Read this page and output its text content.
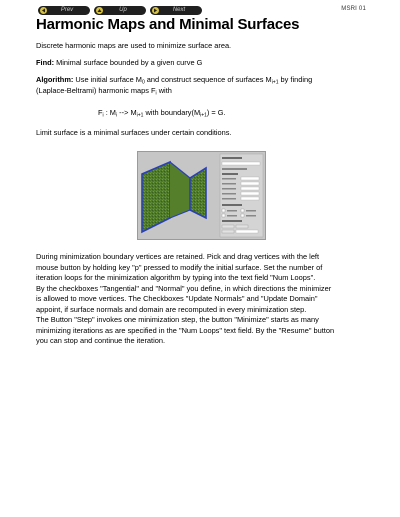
Prev	Up	Next	MSRI 01
Harmonic Maps and Minimal Surfaces

Discrete harmonic maps are used to minimize surface area.

Find: Minimal surface bounded by a given curve G

Algorithm: Use initial surface $M_0$ and construct sequence of surfaces $M_{i+1}$ by finding
(Laplace-Beltrami) harmonic maps $F_i$ with

$F_i$ : $M_i$ --> $M_{i+1}$ with $boundary(M_{i+1}) = G$.

Limit surface is a minimal surfaces under certain conditions.

During minimization boundary vertices are retained. Pick and drag vertices with the left
mouse button by holding key "p" pressed to modify the initial surface. Set the number of
iteration loops for the minimization algorithm by typing into the text field "Num Loops".
By the checkboxes "Tangential" and "Normal" you define, in which directions the minimizer
is allowed to move vertices. The Checkboxes "Update Normals" and "Update Domain"
appoint, if surface normals and domain are recomputed in every minimization step.
The Button "Step" invokes one minimization step, the button "Minimize" starts as many
minimizing iterations as are specified in the "Num Loops" text field. By the "Resume" button
you can stop and continue the iteration.
